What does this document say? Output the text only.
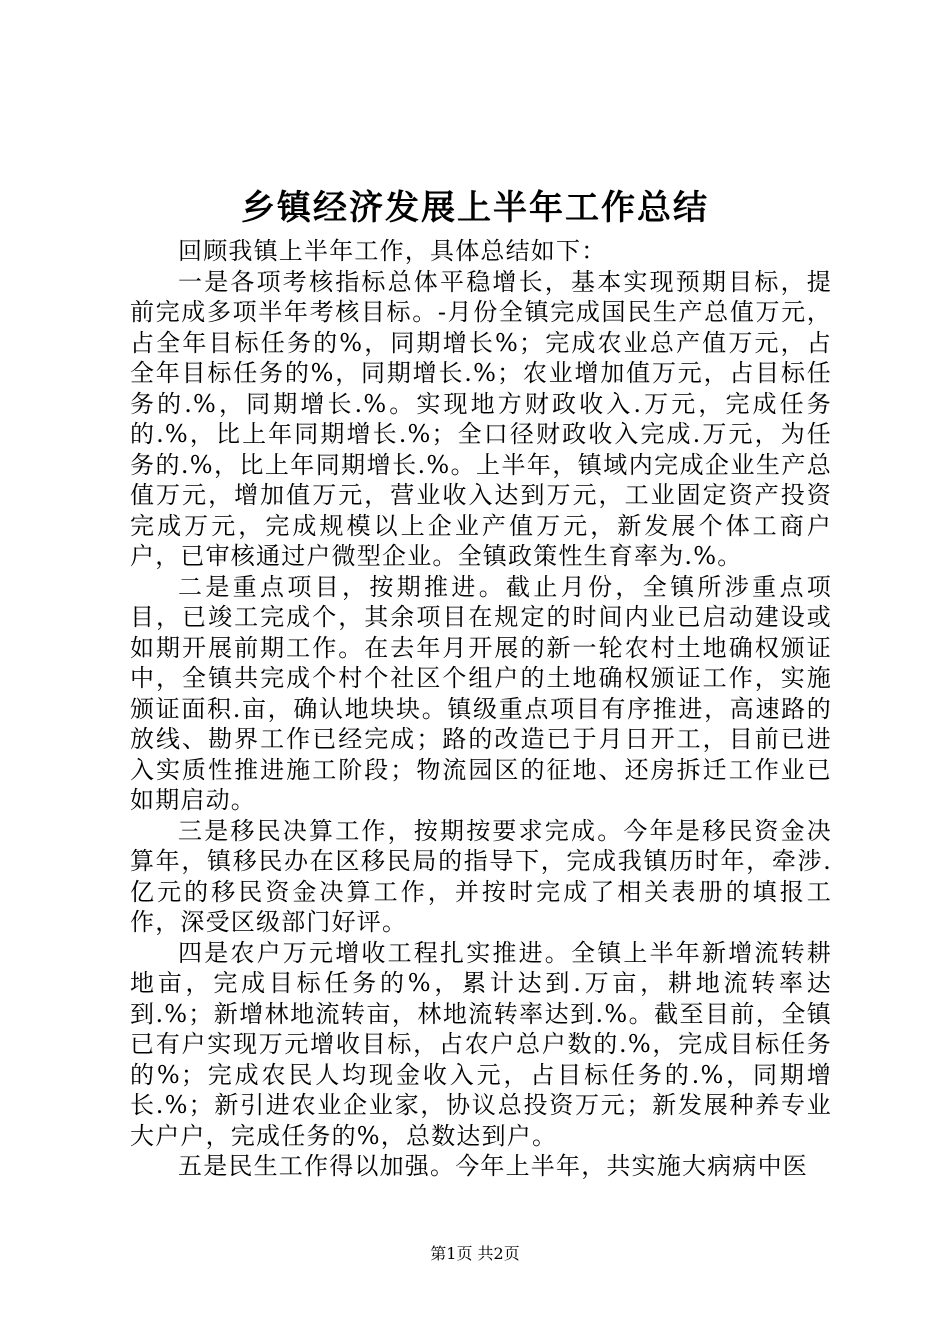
乡镇经济发展上半年工作总结

回顾我镇上半年工作，具体总结如下：

一是各项考核指标总体平稳增长，基本实现预期目标，提前完成多项半年考核目标。-月份全镇完成国民生产总值万元，占全年目标任务的%，同期增长%；完成农业总产值万元，占全年目标任务的%，同期增长.%；农业增加值万元，占目标任务的.%，同期增长.%。实现地方财政收入.万元，完成任务的.%，比上年同期增长.%；全口径财政收入完成.万元，为任务的.%，比上年同期增长.%。上半年，镇域内完成企业生产总值万元，增加值万元，营业收入达到万元，工业固定资产投资完成万元，完成规模以上企业产值万元，新发展个体工商户户，已审核通过户微型企业。全镇政策性生育率为.%。

二是重点项目，按期推进。截止月份，全镇所涉重点项目，已竣工完成个，其余项目在规定的时间内业已启动建设或如期开展前期工作。在去年月开展的新一轮农村土地确权颁证中，全镇共完成个村个社区个组户的土地确权颁证工作，实施颁证面积.亩，确认地块块。镇级重点项目有序推进，高速路的放线、勘界工作已经完成；路的改造已于月日开工，目前已进入实质性推进施工阶段；物流园区的征地、还房拆迁工作业已如期启动。

三是移民决算工作，按期按要求完成。今年是移民资金决算年，镇移民办在区移民局的指导下，完成我镇历时年，牵涉.亿元的移民资金决算工作，并按时完成了相关表册的填报工作，深受区级部门好评。

四是农户万元增收工程扎实推进。全镇上半年新增流转耕地亩，完成目标任务的%，累计达到.万亩，耕地流转率达到.%；新增林地流转亩，林地流转率达到.%。截至目前，全镇已有户实现万元增收目标，占农户总户数的.%，完成目标任务的%；完成农民人均现金收入元，占目标任务的.%，同期增长.%；新引进农业企业家，协议总投资万元；新发展种养专业大户户，完成任务的%，总数达到户。

五是民生工作得以加强。今年上半年，共实施大病病中医

第1页 共2页
